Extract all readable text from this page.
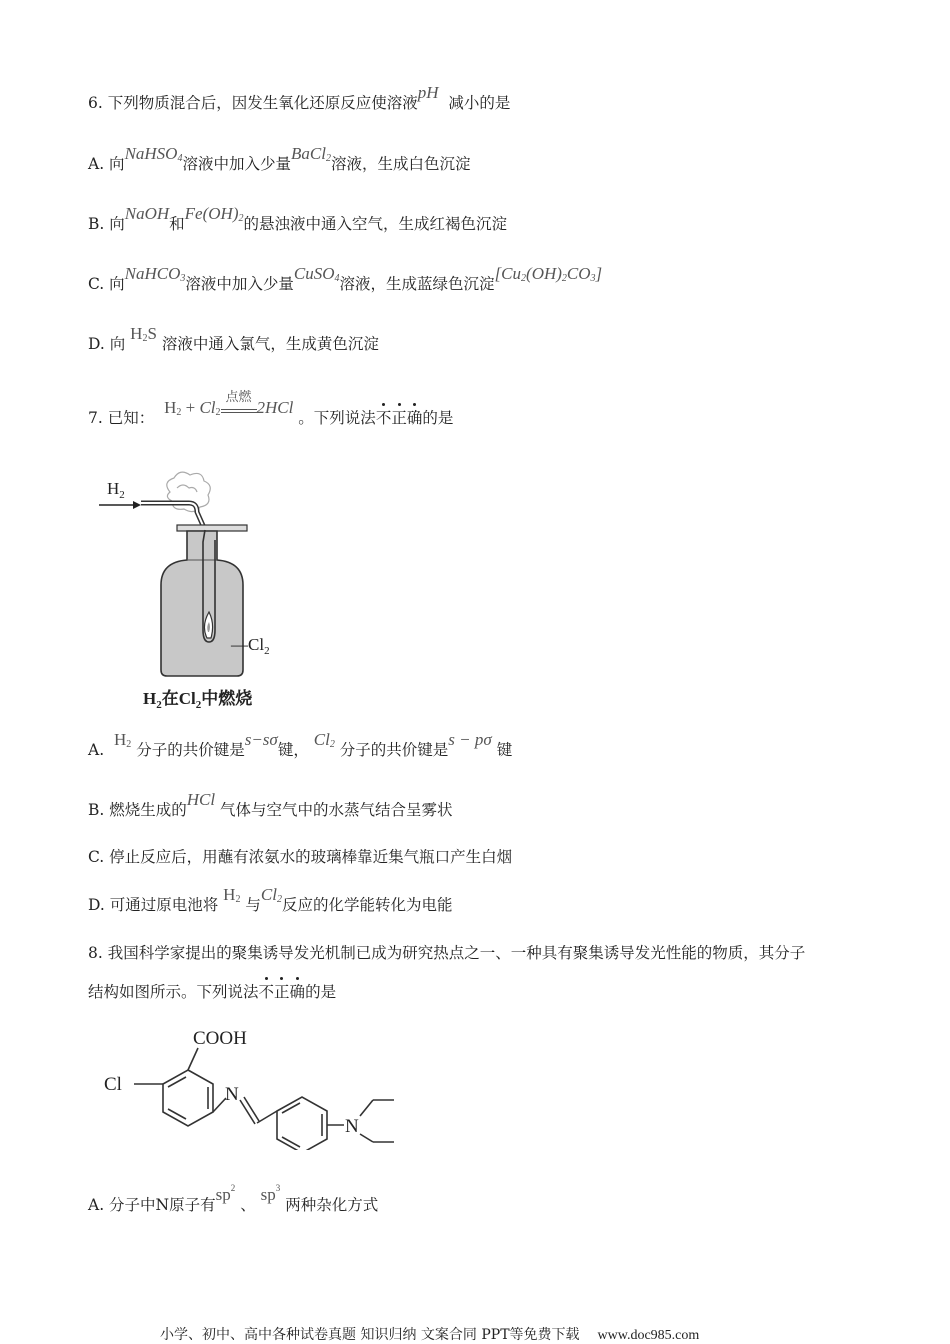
6. 下列物质混合后，因发生氧化还原反应使溶液pH  减小的是
A. 向NaHSO$_4$溶液中加入少量BaCl$_2$溶液，生成白色沉淀
B. 向NaOH和$Fe(OH)_2$的悬浊液中通入空气，生成红褐色沉淀
C. 向NaHCO$_3$溶液中加入少量CuSO$_4$溶液，生成蓝绿色沉淀$[Cu_2(OH)_2CO_3]$
D. 向 $H_2S$ 溶液中通入氯气，生成黄色沉淀
7. 已知：  $H_2 + Cl_2$
点燃
2HCl 。下列说法不正确的是
$H_2$
$—Cl_2$
$H_2$在$Cl_2$中燃烧
A.  $H_2$ 分子的共价键是s−sσ键， $Cl_2$ 分子的共价键是s − pσ 键
B. 燃烧生成的HCl 气体与空气中的水蒸气结合呈雾状
C. 停止反应后，用蘸有浓氨水的玻璃棒靠近集气瓶口产生白烟
D. 可通过原电池将 $H_2$ 与$Cl_2$反应的化学能转化为电能
8. 我国科学家提出的聚集诱导发光机制已成为研究热点之一、一种具有聚集诱导发光性能的物质，其分子
结构如图所示。下列说法不正确的是
COOH
Cl	N
N
A. 分子中N原子有$sp^2$ 、 $sp^3$ 两种杂化方式
小学、初中、高中各种试卷真题 知识归纳 文案合同 PPT等免费下载 www.doc985.com
